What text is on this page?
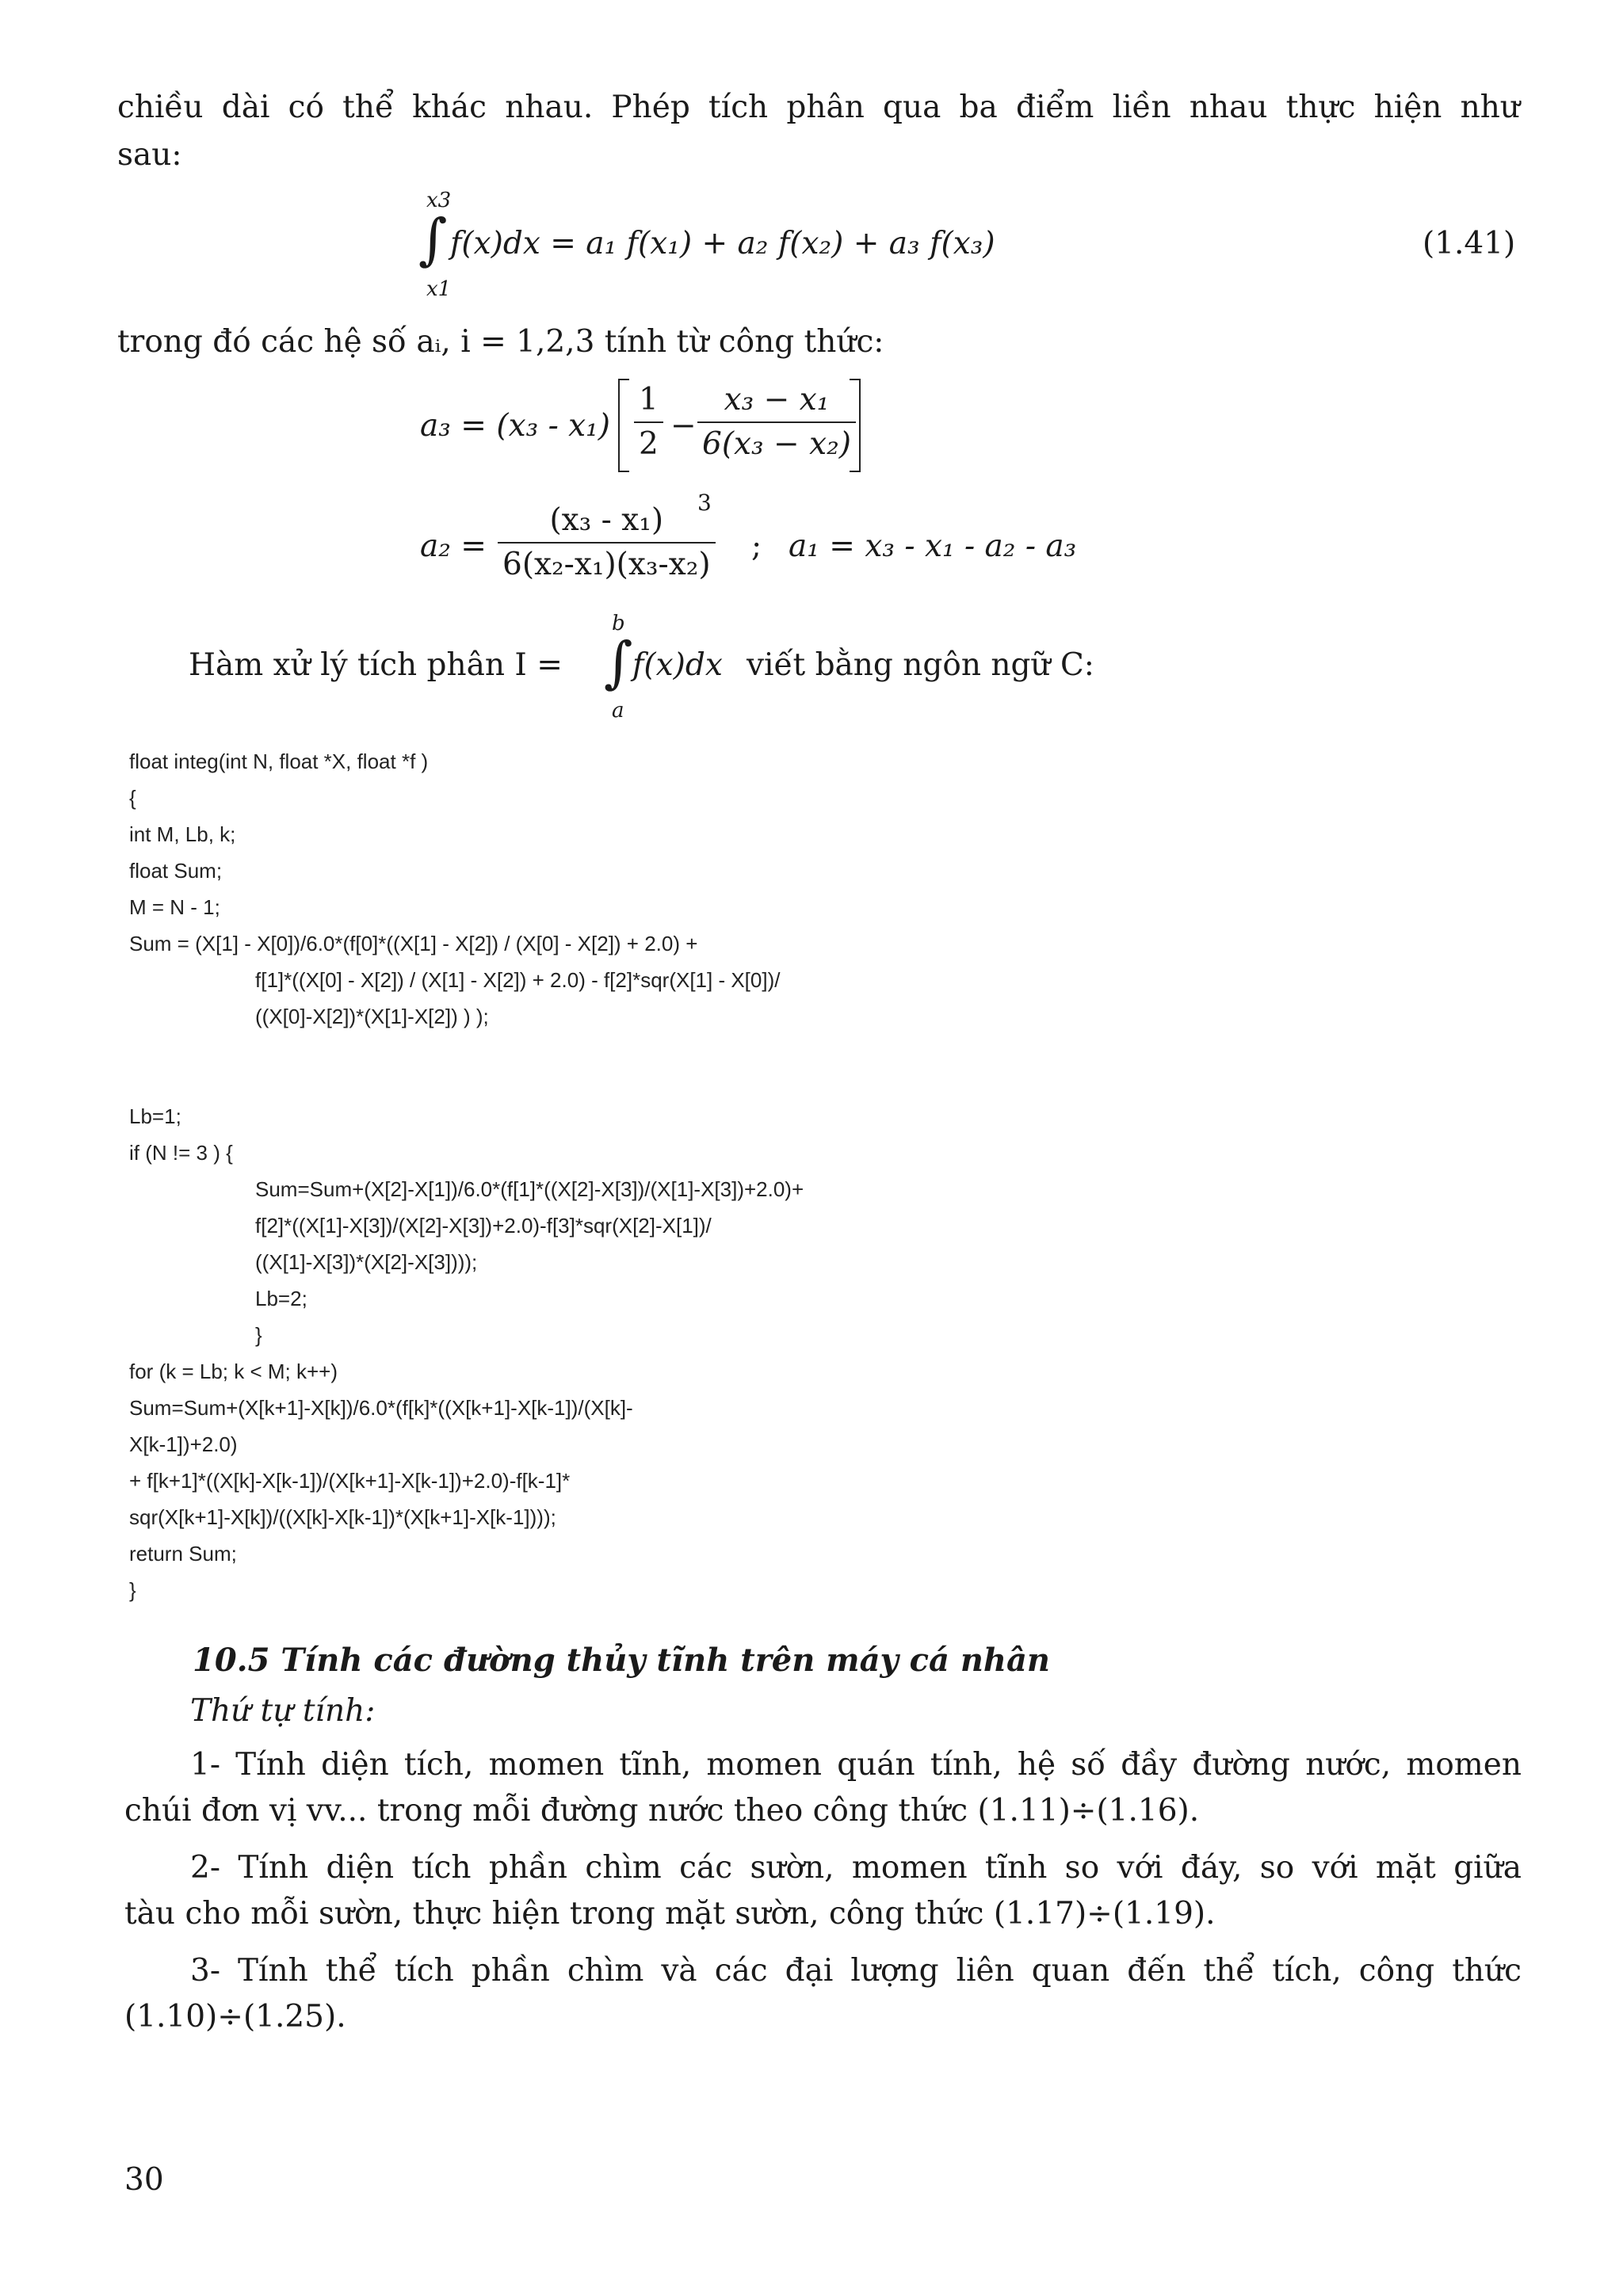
chiều dài có thể khác nhau. Phép tích phân qua ba điểm liền nhau thực hiện như
sau:
x3
∫ f(x)dx = a₁ f(x₁) + a₂ f(x₂) + a₃ f(x₃)
x1
(1.41)
trong đó các hệ số aᵢ, i = 1,2,3 tính từ công thức:
$a_3 = (x_3 - x_1) \frac{1}{2} - \frac{\text{x₃ − x₁}}{\text{6(x₃ − x₂)}}$
$a_2 = \frac{\text{(x₃ - x₁)}}{\text{6(x₂-x₁)(x₃-x₂)}}$
3
; a₁ = x₃ - x₁ - a₂ - a₃
Hàm xử lý tích phân I =
b
∫
a
f(x)dx viết bằng ngôn ngữ C:
float integ(int N, float *X, float *f )
{
int M, Lb, k;
float Sum;
M = N - 1;
Sum = (X[1] - X[0])/6.0*(f[0]*((X[1] - X[2]) / (X[0] - X[2]) + 2.0) +
f[1]*((X[0] - X[2]) / (X[1] - X[2]) + 2.0) - f[2]*sqr(X[1] - X[0])/
((X[0]-X[2])*(X[1]-X[2]) ) );
Lb=1;
if (N != 3 ) {
Sum=Sum+(X[2]-X[1])/6.0*(f[1]*((X[2]-X[3])/(X[1]-X[3])+2.0)+
f[2]*((X[1]-X[3])/(X[2]-X[3])+2.0)-f[3]*sqr(X[2]-X[1])/
((X[1]-X[3])*(X[2]-X[3])));
Lb=2;
}
for (k = Lb; k < M; k++)
Sum=Sum+(X[k+1]-X[k])/6.0*(f[k]*((X[k+1]-X[k-1])/(X[k]-
X[k-1])+2.0)
+ f[k+1]*((X[k]-X[k-1])/(X[k+1]-X[k-1])+2.0)-f[k-1]*
sqr(X[k+1]-X[k])/((X[k]-X[k-1])*(X[k+1]-X[k-1])));
return Sum;
}
10.5 Tính các đường thủy tĩnh trên máy cá nhân
Thứ tự tính:
1- Tính diện tích, momen tĩnh, momen quán tính, hệ số đầy đường nước, momen
chúi đơn vị vv... trong mỗi đường nước theo công thức (1.11)÷(1.16).
2- Tính diện tích phần chìm các sườn, momen tĩnh so với đáy, so với mặt giữa
tàu cho mỗi sườn, thực hiện trong mặt sườn, công thức (1.17)÷(1.19).
3- Tính thể tích phần chìm và các đại lượng liên quan đến thể tích, công thức
(1.10)÷(1.25).
30
